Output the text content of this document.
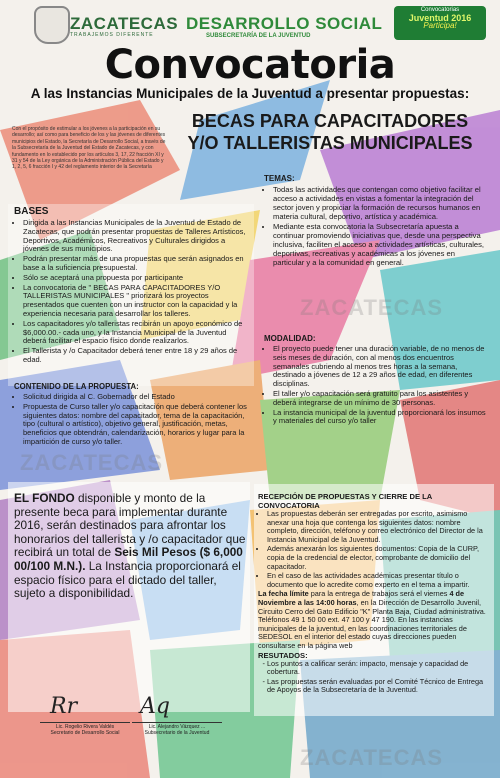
ZACATECAS
TRABAJEMOS DIFERENTE
DESARROLLO SOCIAL
SUBSECRETARÍA DE LA JUVENTUD
Convocatorias
Juventud 2016
Participa!
Convocatoria
A las Instancias Municipales de la Juventud a presentar propuestas:
Con el propósito de estimular a los jóvenes a la participación en su desarrollo; así como para beneficio de los y las jóvenes de diferentes municipios del Estado, la Secretaría de Desarrollo Social, a través de la Subsecretaría de la Juventud del Estado de Zacatecas, y con fundamento en lo establecido por los artículos 3, 17, 22 fracción XI y 31 y 54 de la Ley orgánica de la Administración Pública del Estado y 1, 2, 5, 6 fracción I y 42 del reglamento interior de la Secretaría
BECAS PARA CAPACITADORES
Y/O TALLERISTAS MUNICIPALES
BASES
• Dirigida a las Instancias Municipales de la Juventud de Estado de Zacatecas, que podrán presentar propuestas de Talleres Artísticos, Deportivos, Académicos, Recreativos y Culturales dirigidos a jóvenes de sus municipios.
• Podrán presentar más de una propuestas que serán asignados en base a la suficiencia presupuestal.
• Sólo se aceptará una propuesta por participante
• La convocatoria de " BECAS PARA CAPACITADORES Y/O TALLERISTAS MUNICIPALES " priorizará los proyectos presentados que cuenten con un instructor con la capacidad y la experiencia necesaria para desarrollar los talleres.
• Los capacitadores y/o talleristas recibirán un apoyo económico de $6,000.00.- cada uno, y la Instancia Municipal de la Juventud deberá facilitar el espacio físico donde realizarlos.
• El Tallerista y /o Capacitador deberá tener entre 18 y 29 años de edad.
CONTENIDO DE LA PROPUESTA:
• Solicitud dirigida al C. Gobernador del Estado
• Propuesta de Curso taller y/o capacitación que deberá contener los siguientes datos: nombre del capacitador, tema de la capacitación, tipo (cultural o artístico), objetivo general, justificación, metas, beneficios que obtendrán, calendarización, horarios y lugar para la impartición de curso y/o taller.
TEMAS:
• Todas las actividades que contengan como objetivo facilitar el acceso a actividades en vistas a fomentar la integración del sector joven y propiciar la formación de recursos humanos en materia cultural, deportivo, artística y académica.
• Mediante esta convocatoria la Subsecretaría apuesta a continuar promoviendo iniciativas que, desde una perspectiva inclusiva, faciliten el acceso a actividades artísticas, culturales, deportivas, recreativas y académicas a los jóvenes en particular y a la comunidad en general.
MODALIDAD:
• El proyecto puede tener una duración variable, de no menos de seis meses de duración, con al menos dos encuentros semanales cubriendo al menos tres horas a la semana, destinado a jóvenes de 12 a 29 años de edad, en diferentes disciplinas.
• El taller y/o capacitación será gratuito para los asistentes y deberá integrarse de un mínimo de 30 personas.
• La instancia municipal de la juventud proporcionará los insumos y materiales del curso y/o taller
EL FONDO disponible y monto de la presente beca para implementar durante 2016, serán destinados para afrontar los honorarios del tallerista y /o capacitador que recibirá un total de Seis Mil Pesos ($ 6,000 00/100 M.N.). La Instancia proporcionará el espacio físico para el dictado del taller, sujeto a disponibilidad.
RECEPCIÓN DE PROPUESTAS Y CIERRE DE LA CONVOCATORIA
• Las propuestas deberán ser entregadas por escrito, asimismo anexar una hoja que contenga los siguientes datos: nombre completo, dirección, teléfono y correo electrónico del Director de la Instancia Municipal de la Juventud.
• Además anexarán los siguientes documentos: Copia de la CURP, copia de la credencial de elector, comprobante de domicilio del capacitador.
• En el caso de las actividades académicas presentar título o documento que lo acredite como experto en el tema a impartir.

La fecha límite para la entrega de trabajos será el viernes 4 de Noviembre a las 14:00 horas, en la Dirección de Desarrollo Juvenil, Circuito Cerro del Gato Edificio "K" Planta Baja, Ciudad administrativa. Teléfonos 49 1 50 00 ext. 47 100 y 47 190. En las instancias municipales de la juventud, en las coordinaciones territoriales de SEDESOL en el interior del estado cuyas direcciones pueden consultarse en la página web

RESUTADOS:
- Los puntos a calificar serán: impacto, mensaje y capacidad de cobertura.
- Las propuestas serán evaluadas por el Comité Técnico de Entrega de Apoyos de la Subsecretaría de la Juventud.
Rr	Aq
Lic. Rogelio Rivera Valdés
Secretario de Desarrollo Social
Lic. Alejandro Vázquez ...
Subsecretario de la Juventud
ZACATECAS
ZACATECAS
ZACATECAS
